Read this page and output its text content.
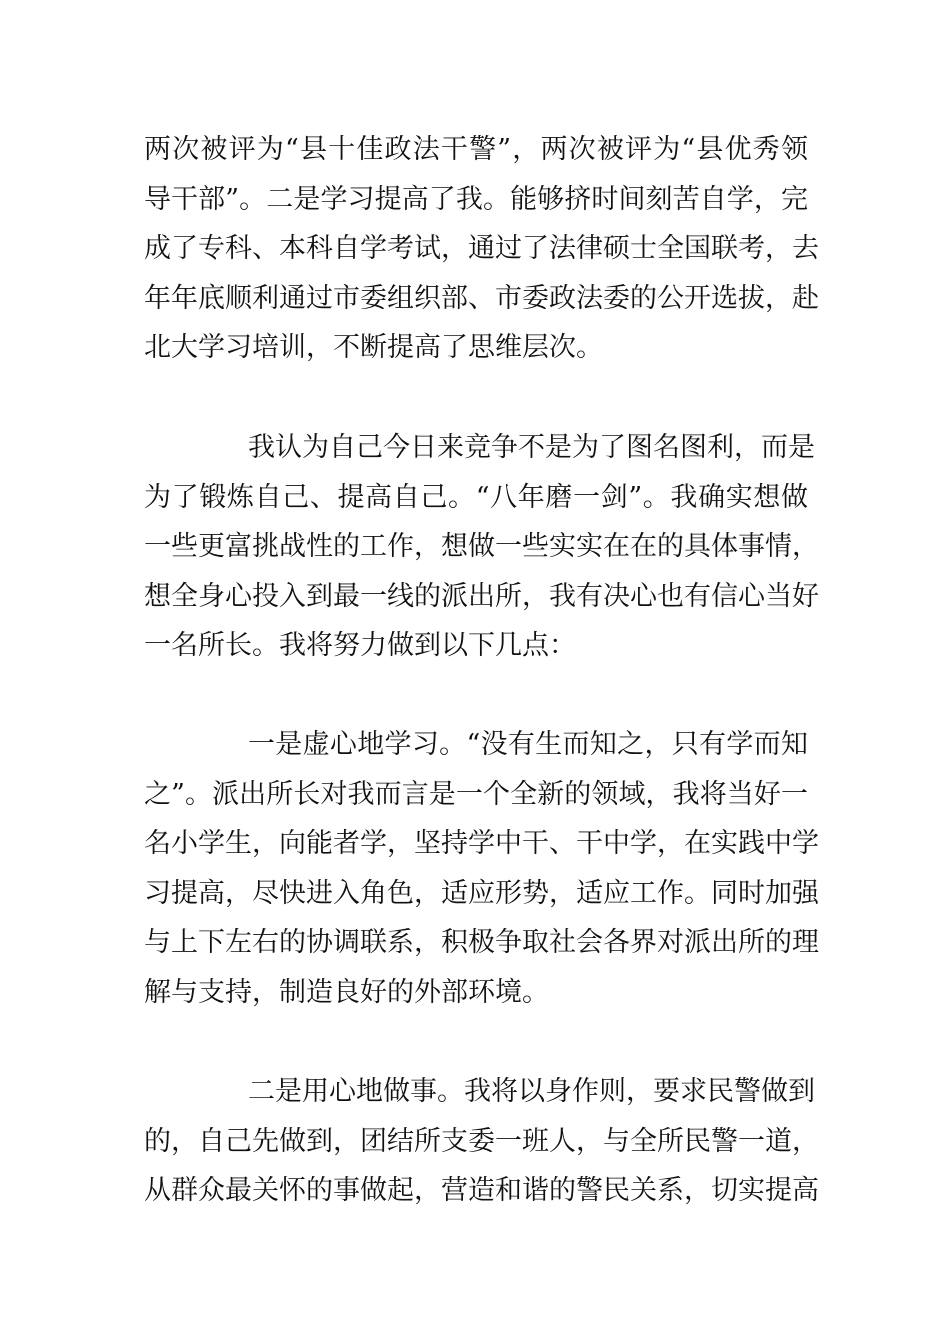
两次被评为“县十佳政法干警”，两次被评为“县优秀领
导干部”。二是学习提高了我。能够挤时间刻苦自学，完
成了专科、本科自学考试，通过了法律硕士全国联考，去
年年底顺利通过市委组织部、市委政法委的公开选拔，赴
北大学习培训，不断提高了思维层次。
我认为自己今日来竞争不是为了图名图利，而是
为了锻炼自己、提高自己。“八年磨一剑”。我确实想做
一些更富挑战性的工作，想做一些实实在在的具体事情，
想全身心投入到最一线的派出所，我有决心也有信心当好
一名所长。我将努力做到以下几点：
一是虚心地学习。“没有生而知之，只有学而知
之”。派出所长对我而言是一个全新的领域，我将当好一
名小学生，向能者学，坚持学中干、干中学，在实践中学
习提高，尽快进入角色，适应形势，适应工作。同时加强
与上下左右的协调联系，积极争取社会各界对派出所的理
解与支持，制造良好的外部环境。
二是用心地做事。我将以身作则，要求民警做到
的，自己先做到，团结所支委一班人，与全所民警一道，
从群众最关怀的事做起，营造和谐的警民关系，切实提高
